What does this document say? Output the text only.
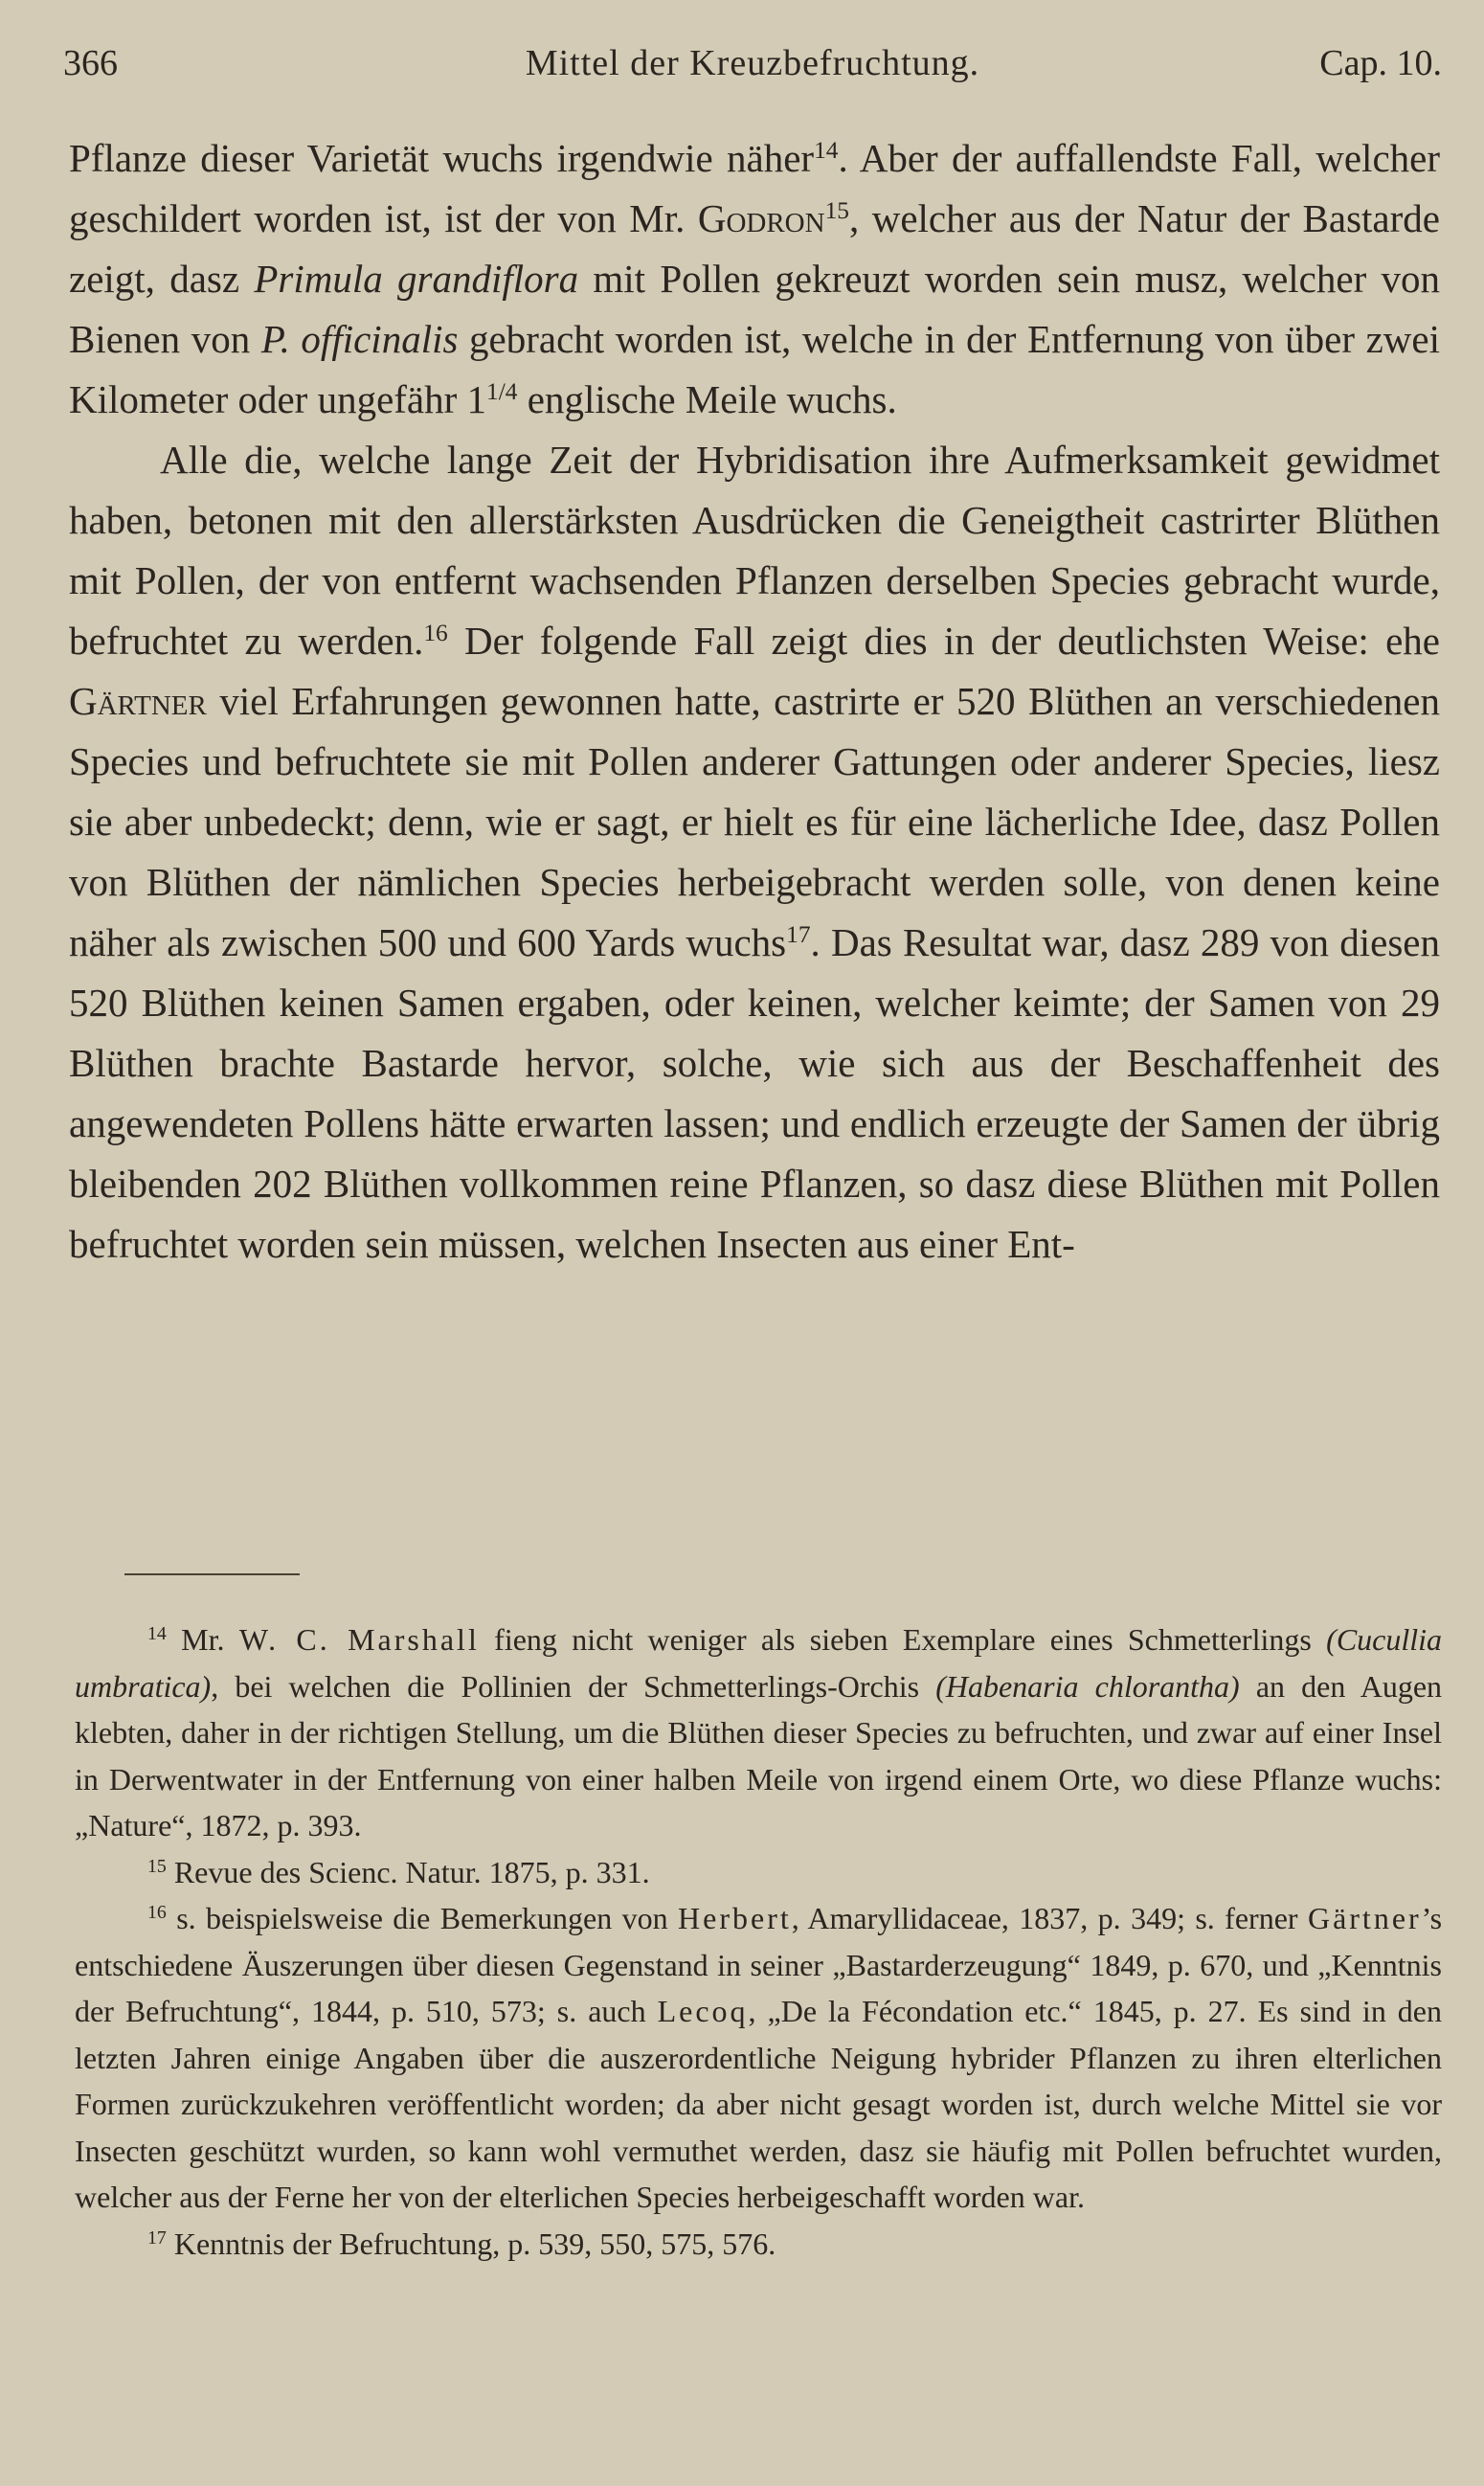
Mittel der Kreuzbefruchtung.
366	Cap. 10.

Pflanze dieser Varietät wuchs irgendwie näher$^{14}$. Aber der auffallendste Fall, welcher geschildert worden ist, ist der von Mr. Godron$^{15}$, welcher aus der Natur der Bastarde zeigt, dasz Primula grandiflora mit Pollen gekreuzt worden sein musz, welcher von Bienen von P. officinalis gebracht worden ist, welche in der Entfernung von über zwei Kilometer oder ungefähr $1^{1/4}$ englische Meile wuchs.

Alle die, welche lange Zeit der Hybridisation ihre Aufmerksamkeit gewidmet haben, betonen mit den allerstärksten Ausdrücken die Geneigtheit castrirter Blüthen mit Pollen, der von entfernt wachsenden Pflanzen derselben Species gebracht wurde, befruchtet zu werden.$^{16}$ Der folgende Fall zeigt dies in der deutlichsten Weise: ehe Gärtner viel Erfahrungen gewonnen hatte, castrirte er 520 Blüthen an verschiedenen Species und befruchtete sie mit Pollen anderer Gattungen oder anderer Species, liesz sie aber unbedeckt; denn, wie er sagt, er hielt es für eine lächerliche Idee, dasz Pollen von Blüthen der nämlichen Species herbeigebracht werden solle, von denen keine näher als zwischen 500 und 600 Yards wuchs$^{17}$. Das Resultat war, dasz 289 von diesen 520 Blüthen keinen Samen ergaben, oder keinen, welcher keimte; der Samen von 29 Blüthen brachte Bastarde hervor, solche, wie sich aus der Beschaffenheit des angewendeten Pollens hätte erwarten lassen; und endlich erzeugte der Samen der übrig bleibenden 202 Blüthen vollkommen reine Pflanzen, so dasz diese Blüthen mit Pollen befruchtet worden sein müssen, welchen Insecten aus einer Ent-

$^{14}$ Mr. W. C. Marshall fieng nicht weniger als sieben Exemplare eines Schmetterlings (Cucullia umbratica), bei welchen die Pollinien der Schmetterlings-Orchis (Habenaria chlorantha) an den Augen klebten, daher in der richtigen Stellung, um die Blüthen dieser Species zu befruchten, und zwar auf einer Insel in Derwentwater in der Entfernung von einer halben Meile von irgend einem Orte, wo diese Pflanze wuchs: „Nature“, 1872, p. 393.

$^{15}$ Revue des Scienc. Natur. 1875, p. 331.

$^{16}$ s. beispielsweise die Bemerkungen von Herbert, Amaryllidaceae, 1837, p. 349; s. ferner Gärtner’s entschiedene Äuszerungen über diesen Gegenstand in seiner „Bastarderzeugung“ 1849, p. 670, und „Kenntnis der Befruchtung“, 1844, p. 510, 573; s. auch Lecoq, „De la Fécondation etc.“ 1845, p. 27. Es sind in den letzten Jahren einige Angaben über die auszerordentliche Neigung hybrider Pflanzen zu ihren elterlichen Formen zurückzukehren veröffentlicht worden; da aber nicht gesagt worden ist, durch welche Mittel sie vor Insecten geschützt wurden, so kann wohl vermuthet werden, dasz sie häufig mit Pollen befruchtet wurden, welcher aus der Ferne her von der elterlichen Species herbeigeschafft worden war.

$^{17}$ Kenntnis der Befruchtung, p. 539, 550, 575, 576.
